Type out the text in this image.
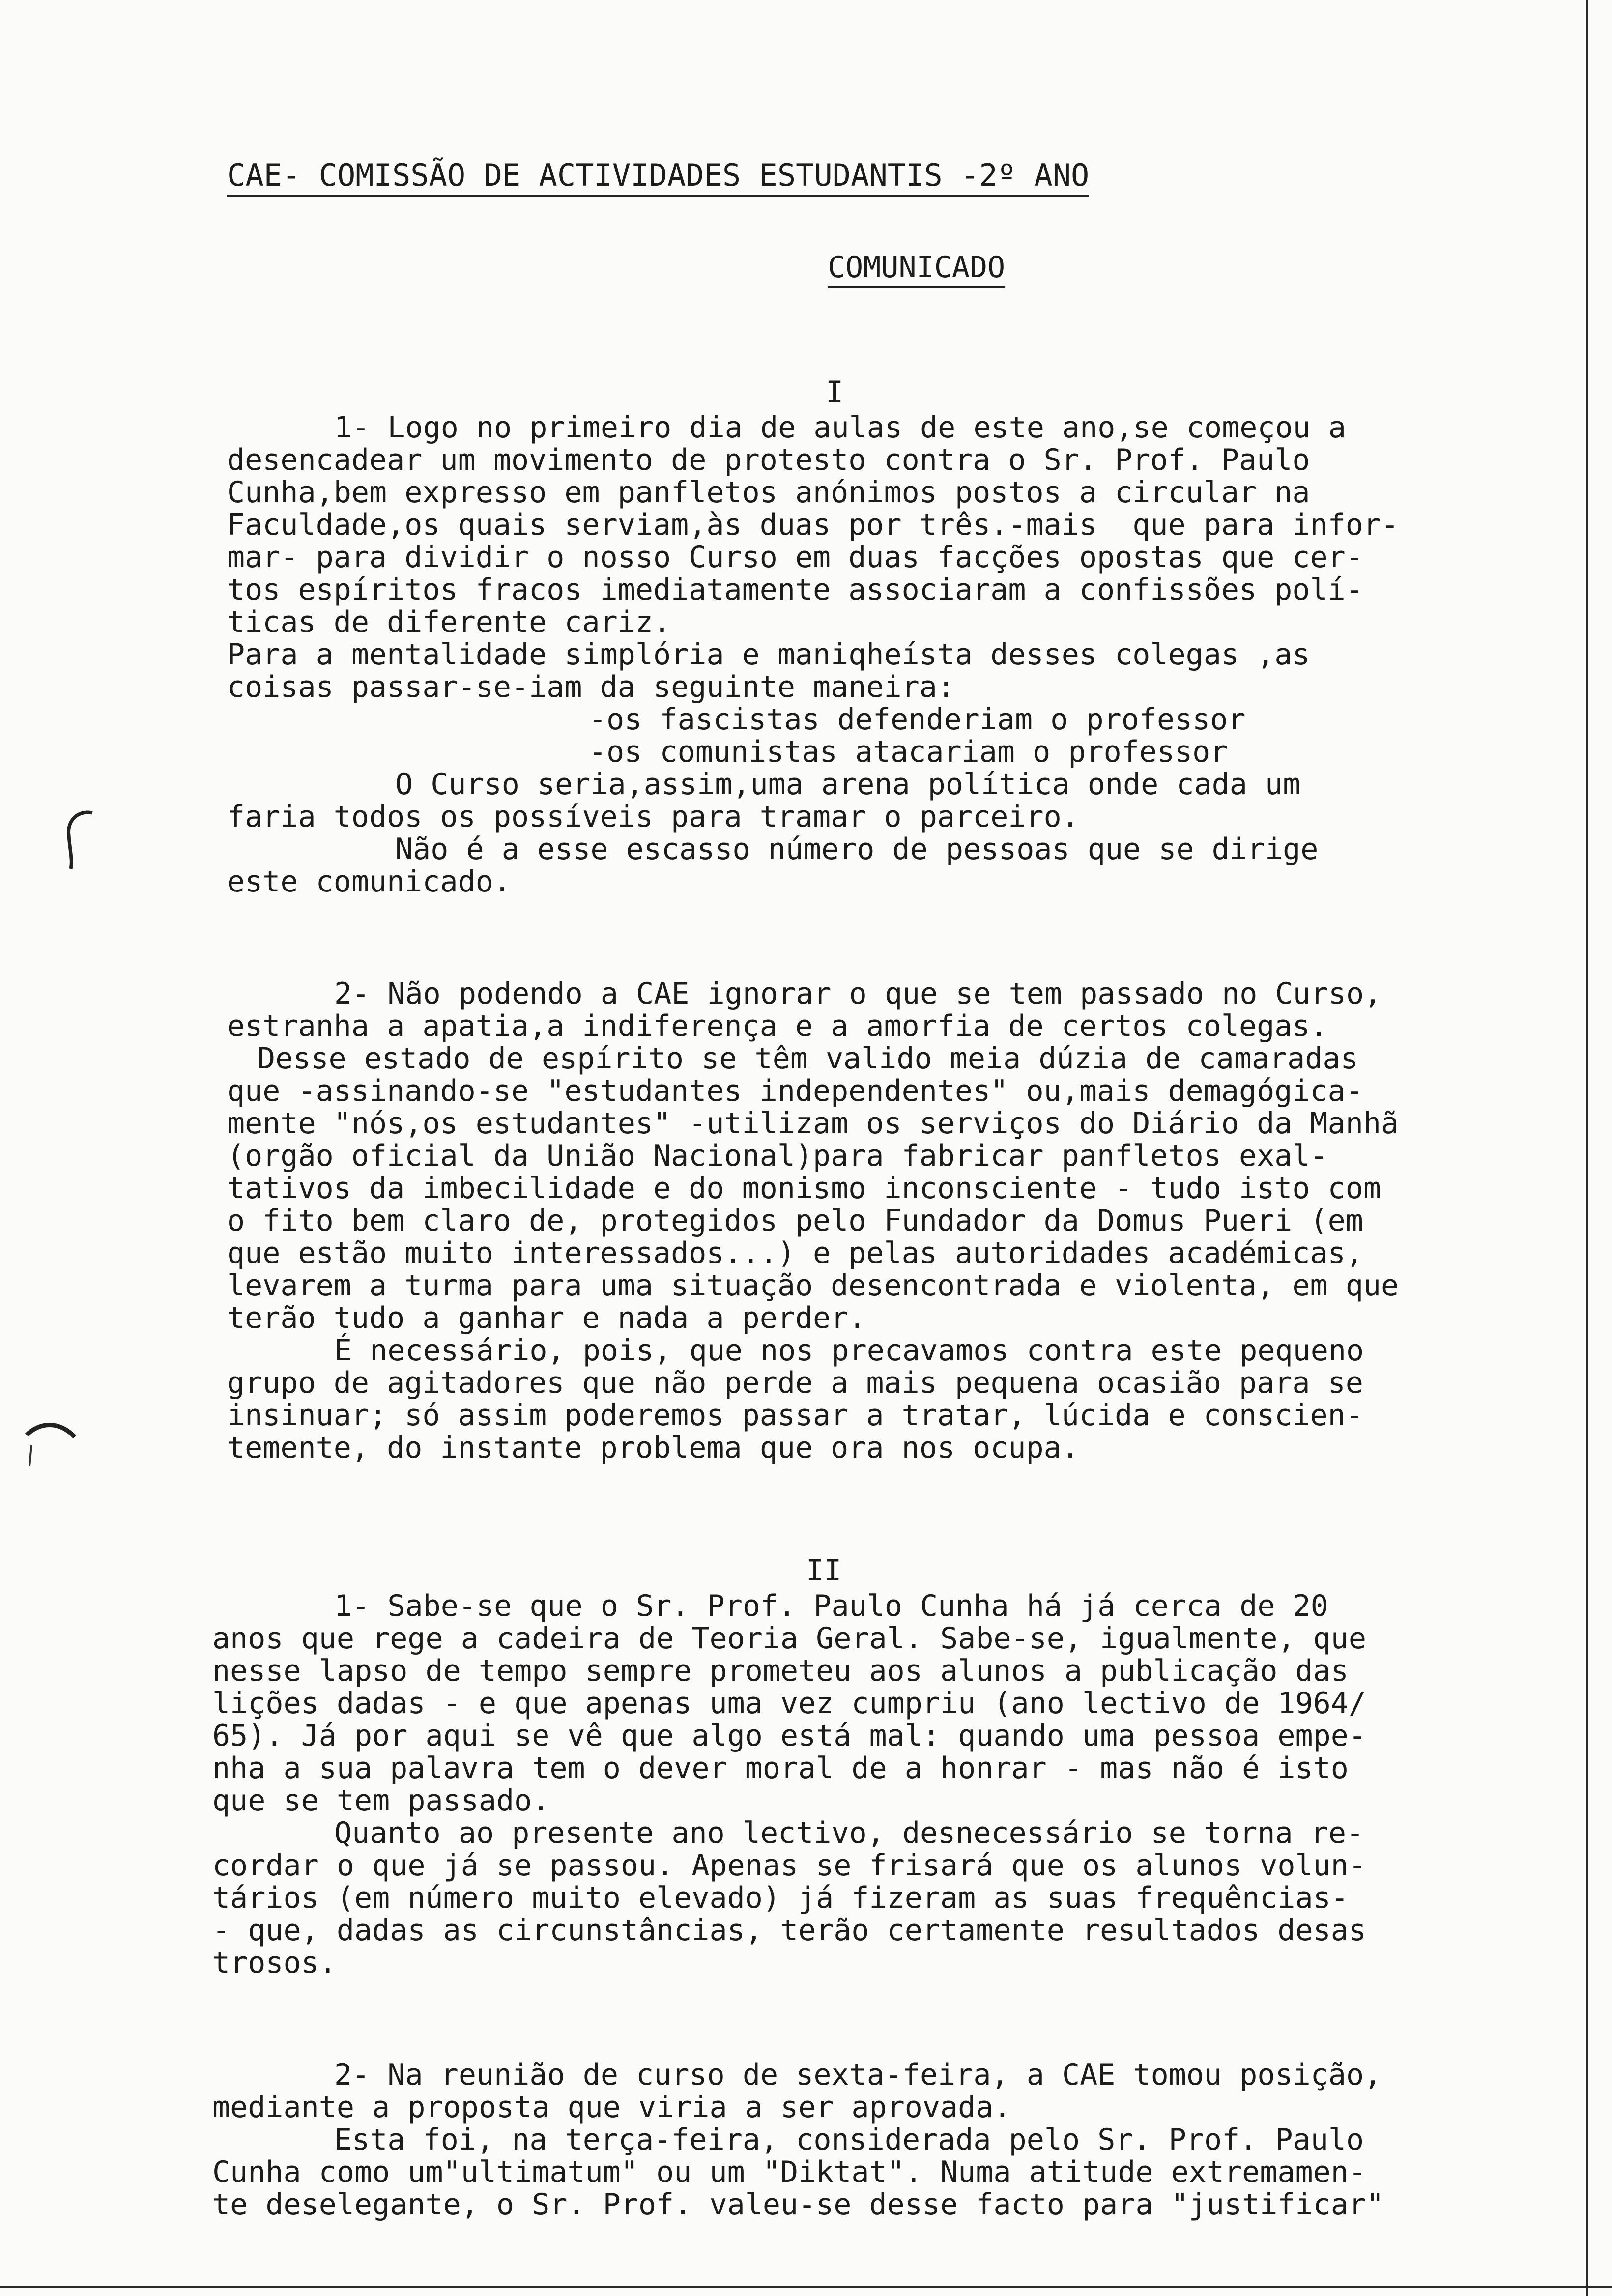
CAE- COMISSÃO DE ACTIVIDADES ESTUDANTIS -2º ANO
COMUNICADO
I
1- Logo no primeiro dia de aulas de este ano,se começou a
desencadear um movimento de protesto contra o Sr. Prof. Paulo
Cunha,bem expresso em panfletos anónimos postos a circular na
Faculdade,os quais serviam,às duas por três.-mais  que para infor-
mar- para dividir o nosso Curso em duas facções opostas que cer-
tos espíritos fracos imediatamente associaram a confissões polí-
ticas de diferente cariz.
Para a mentalidade simplória e maniqheísta desses colegas ,as
coisas passar-se-iam da seguinte maneira:
-os fascistas defenderiam o professor
-os comunistas atacariam o professor
O Curso seria,assim,uma arena política onde cada um
faria todos os possíveis para tramar o parceiro.
Não é a esse escasso número de pessoas que se dirige
este comunicado.
2- Não podendo a CAE ignorar o que se tem passado no Curso,
estranha a apatia,a indiferença e a amorfia de certos colegas.
Desse estado de espírito se têm valido meia dúzia de camaradas
que -assinando-se "estudantes independentes" ou,mais demagógica-
mente "nós,os estudantes" -utilizam os serviços do Diário da Manhã
(orgão oficial da União Nacional)para fabricar panfletos exal-
tativos da imbecilidade e do monismo inconsciente - tudo isto com
o fito bem claro de, protegidos pelo Fundador da Domus Pueri (em
que estão muito interessados...) e pelas autoridades académicas,
levarem a turma para uma situação desencontrada e violenta, em que
terão tudo a ganhar e nada a perder.
É necessário, pois, que nos precavamos contra este pequeno
grupo de agitadores que não perde a mais pequena ocasião para se
insinuar; só assim poderemos passar a tratar, lúcida e conscien-
temente, do instante problema que ora nos ocupa.
II
1- Sabe-se que o Sr. Prof. Paulo Cunha há já cerca de 20
anos que rege a cadeira de Teoria Geral. Sabe-se, igualmente, que
nesse lapso de tempo sempre prometeu aos alunos a publicação das
lições dadas - e que apenas uma vez cumpriu (ano lectivo de 1964/
65). Já por aqui se vê que algo está mal: quando uma pessoa empe-
nha a sua palavra tem o dever moral de a honrar - mas não é isto
que se tem passado.
Quanto ao presente ano lectivo, desnecessário se torna re-
cordar o que já se passou. Apenas se frisará que os alunos volun-
tários (em número muito elevado) já fizeram as suas frequências-
- que, dadas as circunstâncias, terão certamente resultados desas
trosos.
2- Na reunião de curso de sexta-feira, a CAE tomou posição,
mediante a proposta que viria a ser aprovada.
Esta foi, na terça-feira, considerada pelo Sr. Prof. Paulo
Cunha como um"ultimatum" ou um "Diktat". Numa atitude extremamen-
te deselegante, o Sr. Prof. valeu-se desse facto para "justificar"
